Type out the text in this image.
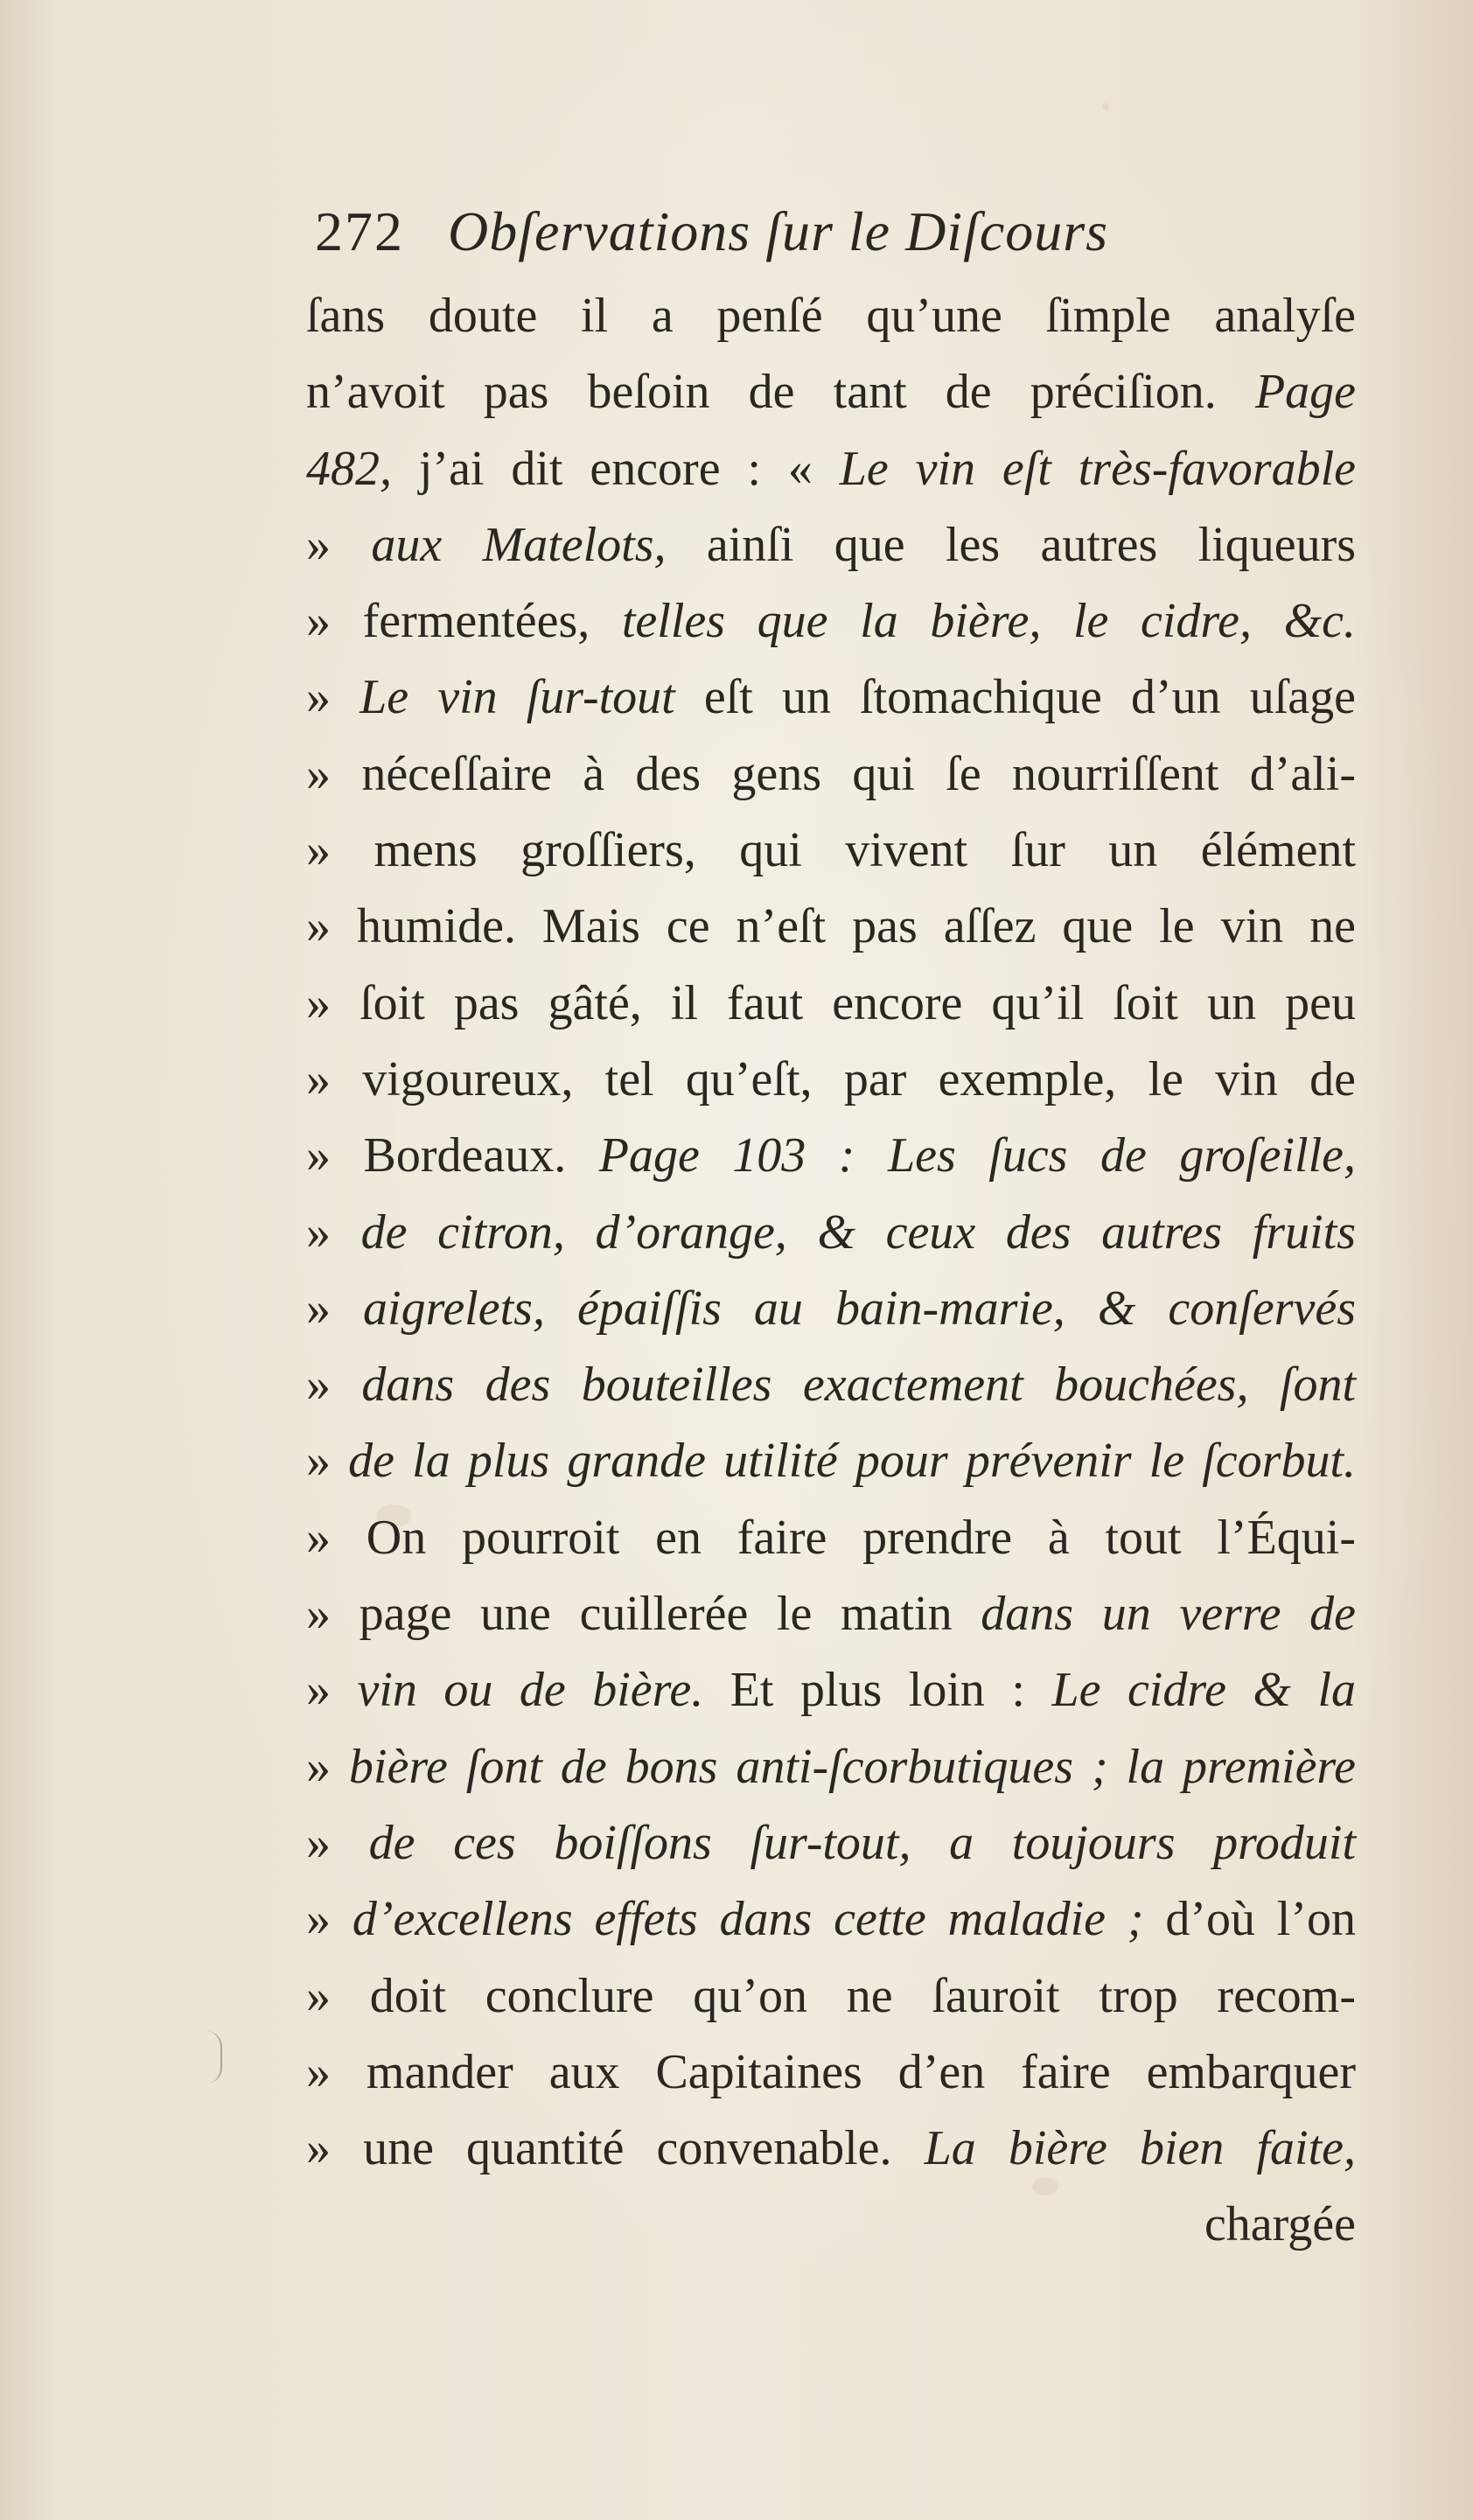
272 Obſervations ſur le Diſcours
ſans doute il a penſé qu’une ſimple analyſe
n’avoit pas beſoin de tant de préciſion. Page
482, j’ai dit encore : « Le vin eſt très-favorable
» aux Matelots, ainſi que les autres liqueurs
» fermentées, telles que la bière, le cidre, &c.
» Le vin ſur-tout eſt un ſtomachique d’un uſage
» néceſſaire à des gens qui ſe nourriſſent d’ali-
» mens groſſiers, qui vivent ſur un élément
» humide. Mais ce n’eſt pas aſſez que le vin ne
» ſoit pas gâté, il faut encore qu’il ſoit un peu
» vigoureux, tel qu’eſt, par exemple, le vin de
» Bordeaux. Page 103 : Les ſucs de groſeille,
» de citron, d’orange, & ceux des autres fruits
» aigrelets, épaiſſis au bain-marie, & conſervés
» dans des bouteilles exactement bouchées, ſont
» de la plus grande utilité pour prévenir le ſcorbut.
» On pourroit en faire prendre à tout l’Équi-
» page une cuillerée le matin dans un verre de
» vin ou de bière. Et plus loin : Le cidre & la
» bière ſont de bons anti-ſcorbutiques ; la première
» de ces boiſſons ſur-tout, a toujours produit
» d’excellens effets dans cette maladie ; d’où l’on
» doit conclure qu’on ne ſauroit trop recom-
» mander aux Capitaines d’en faire embarquer
» une quantité convenable. La bière bien faite,
chargée
